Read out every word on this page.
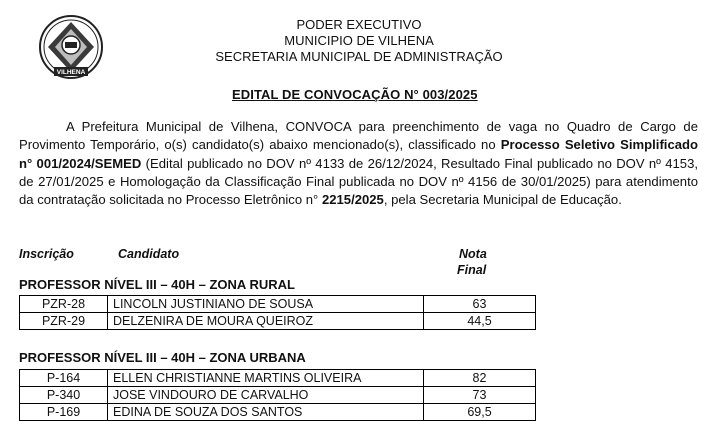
VILHENA
PODER EXECUTIVO
MUNICIPIO DE VILHENA
SECRETARIA MUNICIPAL DE ADMINISTRAÇÃO
EDITAL DE CONVOCAÇÃO N° 003/2025
A Prefeitura Municipal de Vilhena, CONVOCA para preenchimento de vaga no Quadro de Cargo de Provimento Temporário, o(s) candidato(s) abaixo mencionado(s), classificado no Processo Seletivo Simplificado n° 001/2024/SEMED (Edital publicado no DOV nº 4133 de 26/12/2024, Resultado Final publicado no DOV nº 4153, de 27/01/2025 e Homologação da Classificação Final publicada no DOV nº 4156 de 30/01/2025) para atendimento da contratação solicitada no Processo Eletrônico n° 2215/2025, pela Secretaria Municipal de Educação.
Inscrição	Candidato	Nota
Final
PROFESSOR NÍVEL III – 40H – ZONA RURAL
PZR-28	LINCOLN JUSTINIANO DE SOUSA	63
PZR-29	DELZENIRA DE MOURA QUEIROZ	44,5
PROFESSOR NÍVEL III – 40H – ZONA URBANA
P-164	ELLEN CHRISTIANNE MARTINS OLIVEIRA	82
P-340	JOSE VINDOURO DE CARVALHO	73
P-169	EDINA DE SOUZA DOS SANTOS	69,5
